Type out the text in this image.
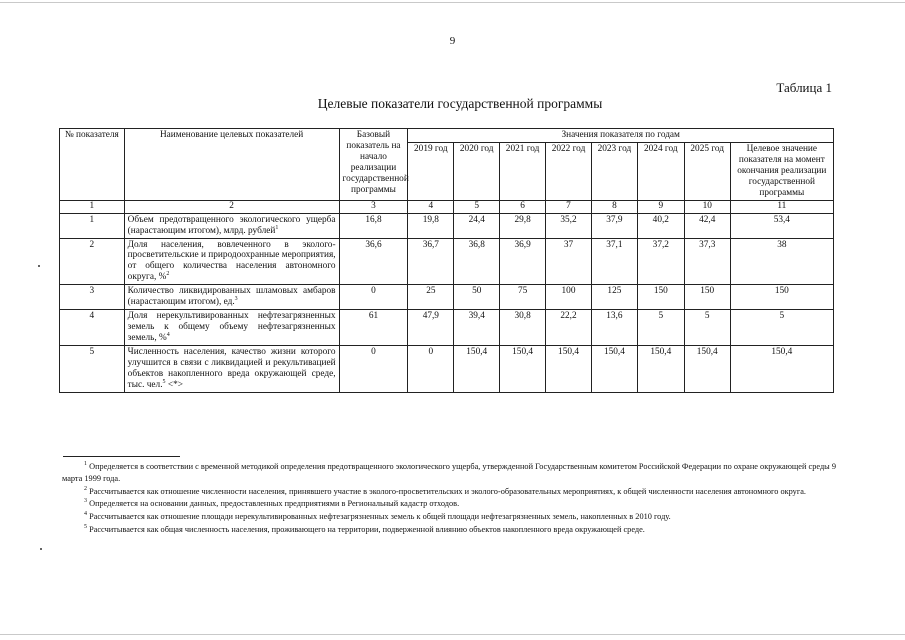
9
Таблица 1
Целевые показатели государственной программы
№ показателя	Наименование целевых показателей	Базовый показатель на начало реализации государственной программы	Значения показателя по годам							
			2019 год	2020 год	2021 год	2022 год	2023 год	2024 год	2025 год	Целевое значение показателя на момент окончания реализации государственной программы
1	2	3	4	5	6	7	8	9	10	11
1	Объем предотвращенного экологического ущерба (нарастающим итогом), млрд. рублей$^1$	16,8	19,8	24,4	29,8	35,2	37,9	40,2	42,4	53,4
2	Доля населения, вовлеченного в эколого-просветительские и природоохранные мероприятия, от общего количества населения автономного округа, %$^2$	36,6	36,7	36,8	36,9	37	37,1	37,2	37,3	38
3	Количество ликвидированных шламовых амбаров (нарастающим итогом), ед.$^3$	0	25	50	75	100	125	150	150	150
4	Доля нерекультивированных нефтезагрязненных земель к общему объему нефтезагрязненных земель, %$^4$	61	47,9	39,4	30,8	22,2	13,6	5	5	5
5	Численность населения, качество жизни которого улучшится в связи с ликвидацией и рекультивацией объектов накопленного вреда окружающей среде, тыс. чел.$^5$ <*>	0	0	150,4	150,4	150,4	150,4	150,4	150,4	150,4

$^1$ Определяется в соответствии с временной методикой определения предотвращенного экологического ущерба, утвержденной Государственным комитетом Российской Федерации по охране окружающей среды 9 марта 1999 года.

$^2$ Рассчитывается как отношение численности населения, принявшего участие в эколого-просветительских и эколого-образовательных мероприятиях, к общей численности населения автономного округа.

$^3$ Определяется на основании данных, предоставленных предприятиями в Региональный кадастр отходов.

$^4$ Рассчитывается как отношение площади нерекультивированных нефтезагрязненных земель к общей площади нефтезагрязненных земель, накопленных в 2010 году.

$^5$ Рассчитывается как общая численность населения, проживающего на территории, подверженной влиянию объектов накопленного вреда окружающей среде.
